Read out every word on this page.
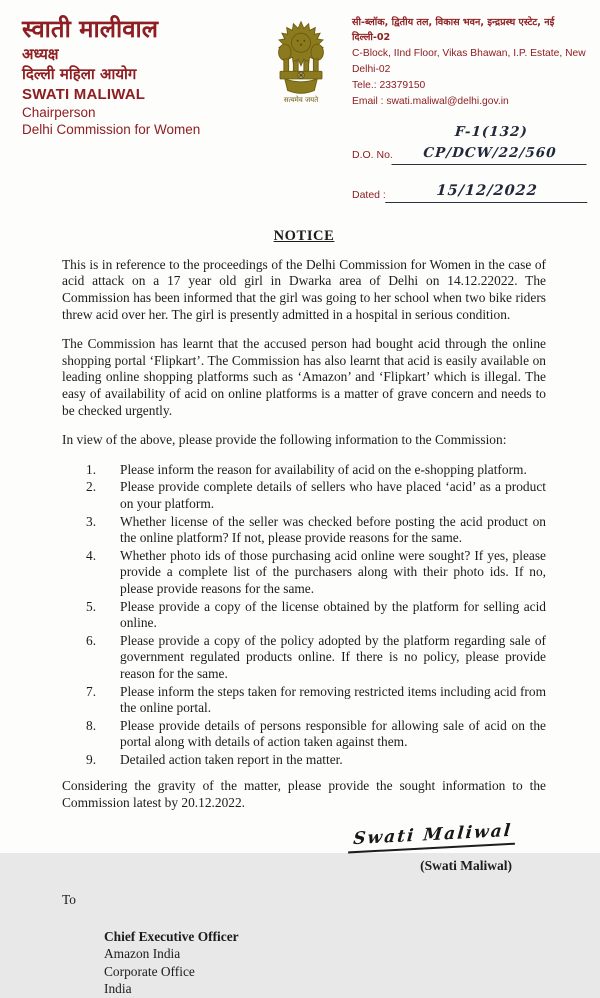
स्वाती मालीवाल
अध्यक्ष
दिल्ली महिला आयोग
SWATI MALIWAL
Chairperson
Delhi Commission for Women
सत्यमेव जयते
सी-ब्लॉक, द्वितीय तल, विकास भवन, इन्द्रप्रस्थ एस्टेट, नई दिल्ली-02
C-Block, IInd Floor, Vikas Bhawan, I.P. Estate, New Delhi-02
Tele.: 23379150
Email : swati.maliwal@delhi.gov.in
D.O. No.
F-1(132) CP/DCW/22/560
Dated :	15/12/2022
NOTICE

This is in reference to the proceedings of the Delhi Commission for Women in the case of acid attack on a 17 year old girl in Dwarka area of Delhi on 14.12.22022. The Commission has been informed that the girl was going to her school when two bike riders threw acid over her. The girl is presently admitted in a hospital in serious condition.

The Commission has learnt that the accused person had bought acid through the online shopping portal ‘Flipkart’. The Commission has also learnt that acid is easily available on leading online shopping platforms such as ‘Amazon’ and ‘Flipkart’ which is illegal. The easy of availability of acid on online platforms is a matter of grave concern and needs to be checked urgently.

In view of the above, please provide the following information to the Commission:

1.	Please inform the reason for availability of acid on the e-shopping platform.
2.	Please provide complete details of sellers who have placed ‘acid’ as a product on your platform.
3.	Whether license of the seller was checked before posting the acid product on the online platform? If not, please provide reasons for the same.
4.	Whether photo ids of those purchasing acid online were sought? If yes, please provide a complete list of the purchasers along with their photo ids. If no, please provide reasons for the same.
5.	Please provide a copy of the license obtained by the platform for selling acid online.
6.	Please provide a copy of the policy adopted by the platform regarding sale of government regulated products online. If there is no policy, please provide reason for the same.
7.	Please inform the steps taken for removing restricted items including acid from the online portal.
8.	Please provide details of persons responsible for allowing sale of acid on the portal along with details of action taken against them.
9.	Detailed action taken report in the matter.

Considering the gravity of the matter, please provide the sought information to the Commission latest by 20.12.2022.

Swati Maliwal
(Swati Maliwal)
To
Chief Executive Officer
Amazon India
Corporate Office
India
